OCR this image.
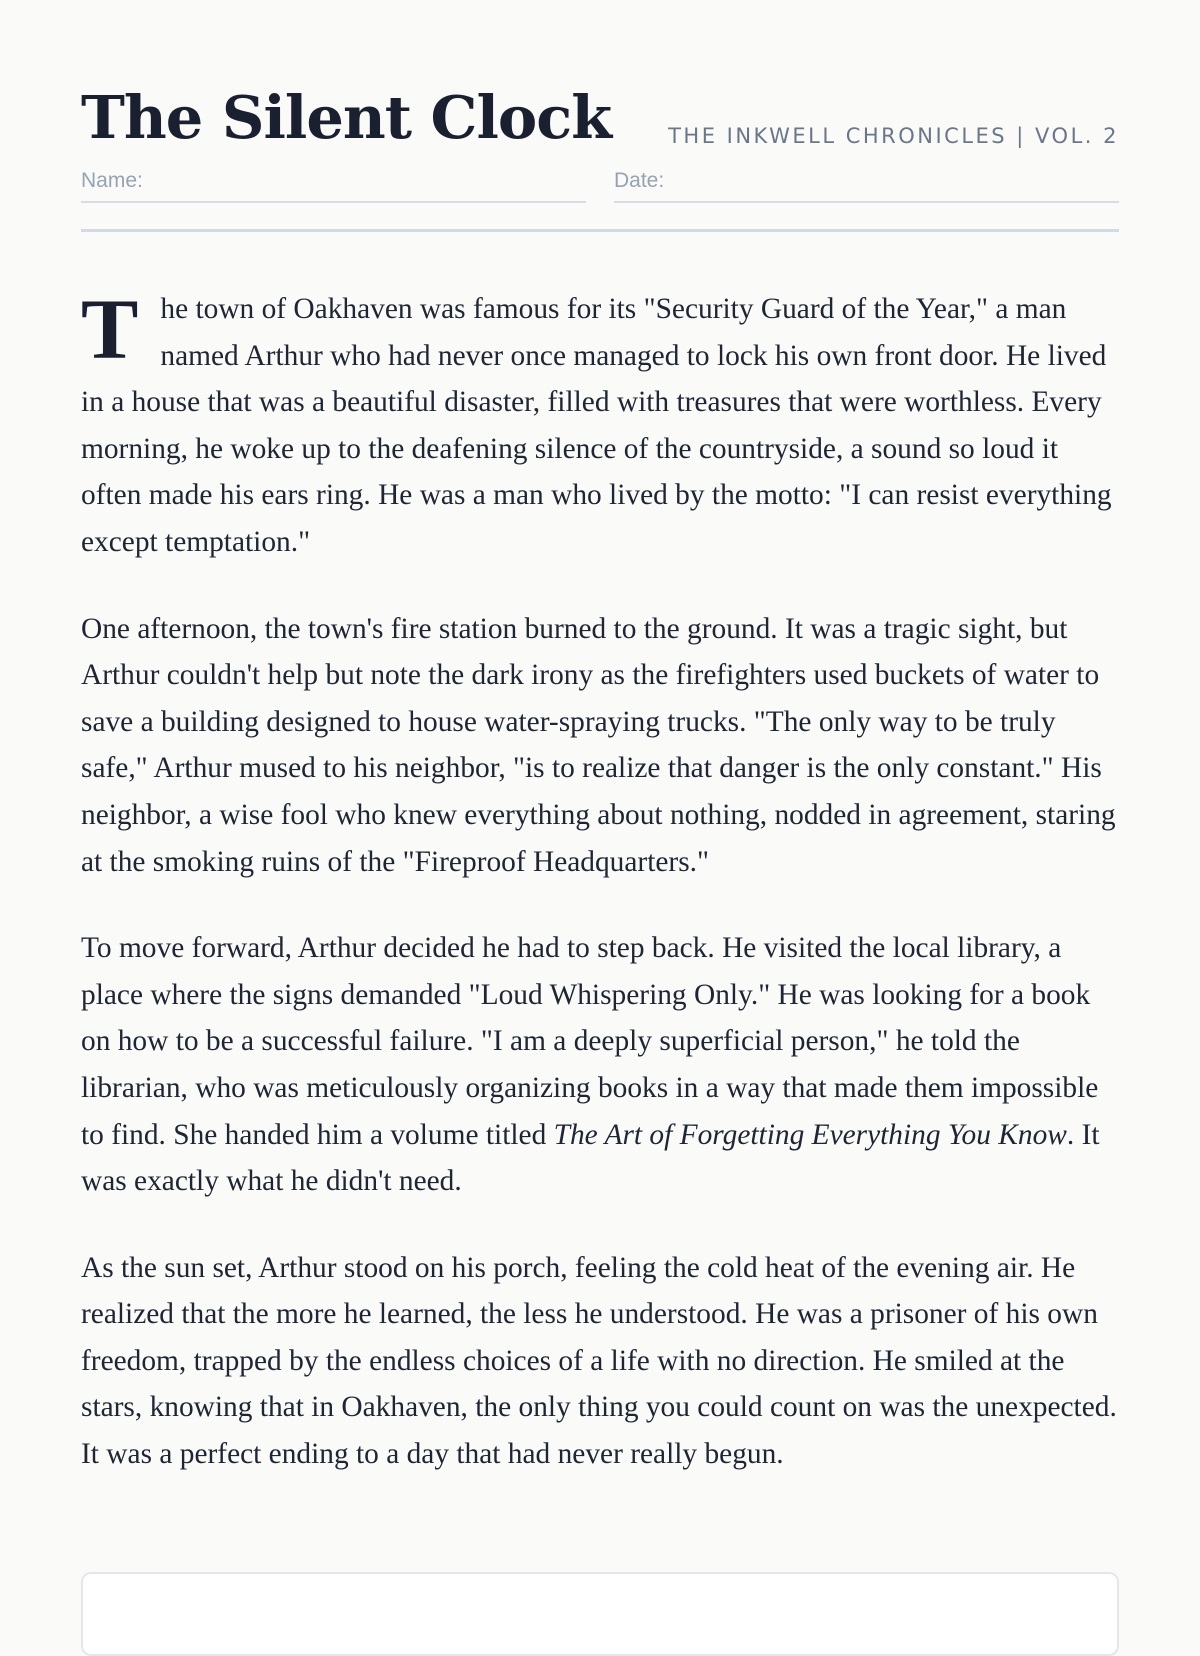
The Silent Clock	THE INKWELL CHRONICLES | VOL. 2
Name:	Date:

The town of Oakhaven was famous for its "Security Guard of the Year," a man named Arthur who had never once managed to lock his own front door. He lived in a house that was a beautiful disaster, filled with treasures that were worthless. Every morning, he woke up to the deafening silence of the countryside, a sound so loud it often made his ears ring. He was a man who lived by the motto: "I can resist everything except temptation."

One afternoon, the town's fire station burned to the ground. It was a tragic sight, but Arthur couldn't help but note the dark irony as the firefighters used buckets of water to save a building designed to house water-spraying trucks. "The only way to be truly safe," Arthur mused to his neighbor, "is to realize that danger is the only constant." His neighbor, a wise fool who knew everything about nothing, nodded in agreement, staring at the smoking ruins of the "Fireproof Headquarters."

To move forward, Arthur decided he had to step back. He visited the local library, a place where the signs demanded "Loud Whispering Only." He was looking for a book on how to be a successful failure. "I am a deeply superficial person," he told the librarian, who was meticulously organizing books in a way that made them impossible to find. She handed him a volume titled The Art of Forgetting Everything You Know. It was exactly what he didn't need.

As the sun set, Arthur stood on his porch, feeling the cold heat of the evening air. He realized that the more he learned, the less he understood. He was a prisoner of his own freedom, trapped by the endless choices of a life with no direction. He smiled at the stars, knowing that in Oakhaven, the only thing you could count on was the unexpected. It was a perfect ending to a day that had never really begun.
